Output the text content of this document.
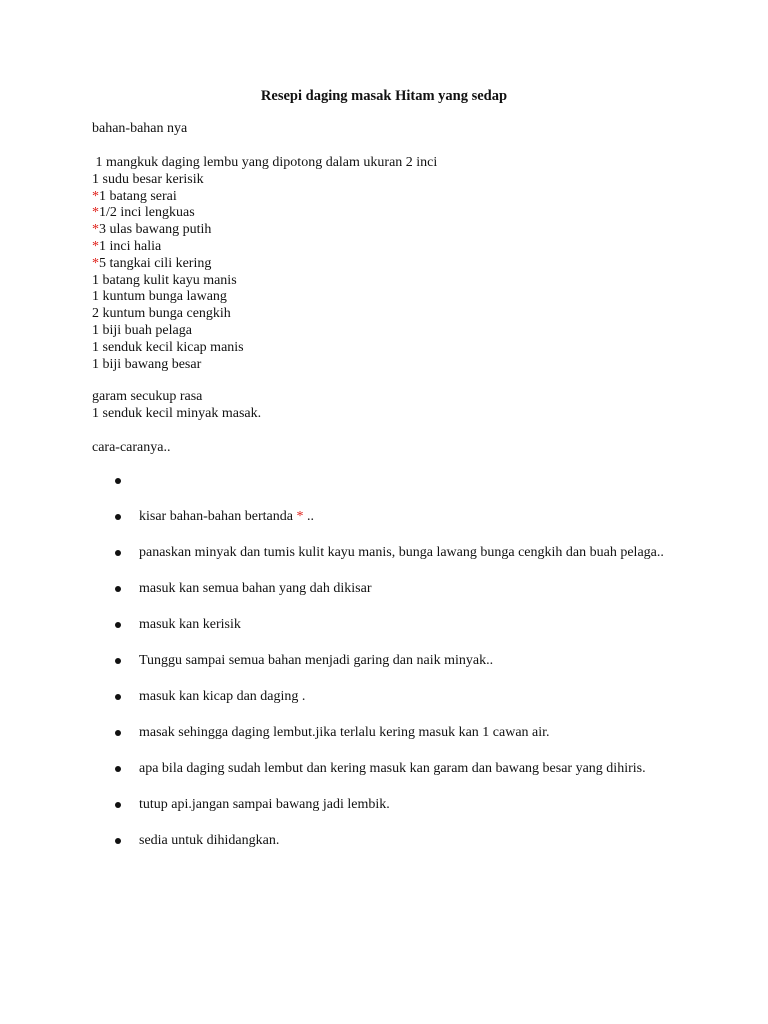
Resepi daging masak Hitam yang sedap
bahan-bahan nya
1 mangkuk daging lembu yang dipotong dalam ukuran 2 inci
1 sudu besar kerisik
*1 batang serai
*1/2 inci lengkuas
*3 ulas bawang putih
*1 inci halia
*5 tangkai cili kering
1 batang kulit kayu manis
1 kuntum bunga lawang
2 kuntum bunga cengkih
1 biji buah pelaga
1 senduk kecil kicap manis
1 biji bawang besar
garam secukup rasa
1 senduk kecil minyak masak.
cara-caranya..
kisar bahan-bahan bertanda * ..
panaskan minyak dan tumis kulit kayu manis, bunga lawang bunga cengkih dan buah pelaga..
masuk kan semua bahan yang dah dikisar
masuk kan kerisik
Tunggu sampai semua bahan menjadi garing dan naik minyak..
masuk kan kicap dan daging .
masak sehingga daging lembut.jika terlalu kering masuk kan 1 cawan air.
apa bila daging sudah lembut dan kering masuk kan garam dan bawang besar yang dihiris.
tutup api.jangan sampai bawang jadi lembik.
sedia untuk dihidangkan.
